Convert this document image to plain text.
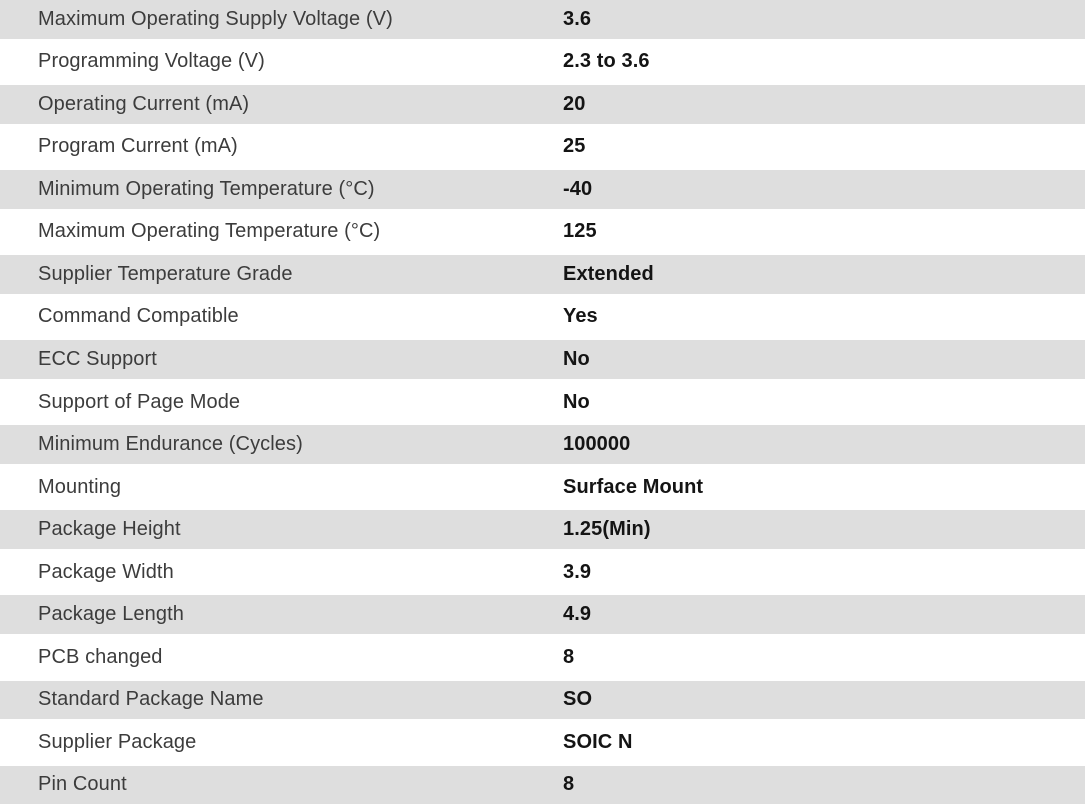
Maximum Operating Supply Voltage (V)	3.6
Programming Voltage (V)	2.3 to 3.6
Operating Current (mA)	20
Program Current (mA)	25
Minimum Operating Temperature (°C)	-40
Maximum Operating Temperature (°C)	125
Supplier Temperature Grade	Extended
Command Compatible	Yes
ECC Support	No
Support of Page Mode	No
Minimum Endurance (Cycles)	100000
Mounting	Surface Mount
Package Height	1.25(Min)
Package Width	3.9
Package Length	4.9
PCB changed	8
Standard Package Name	SO
Supplier Package	SOIC N
Pin Count	8
